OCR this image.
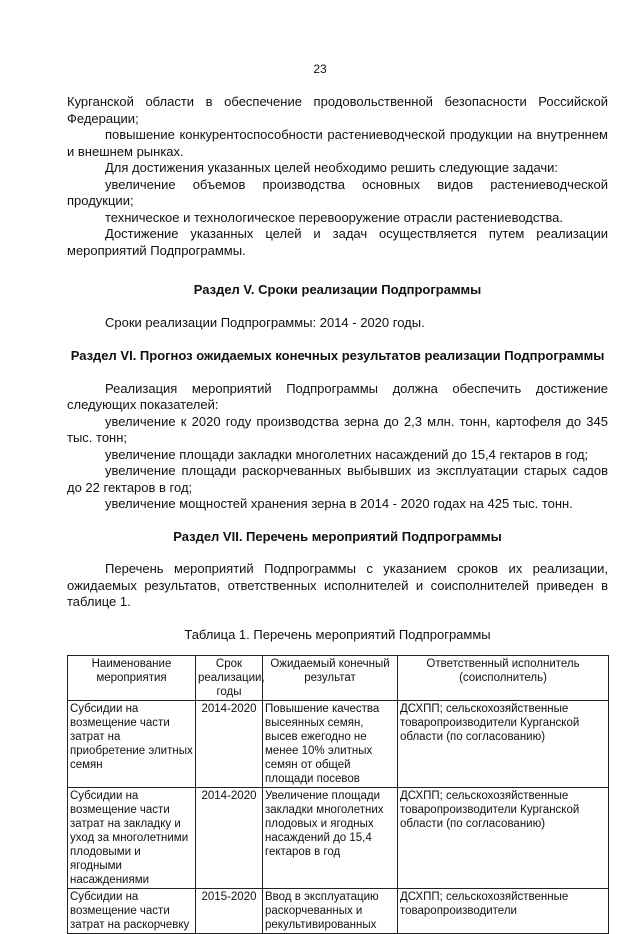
23

Курганской области в обеспечение продовольственной безопасности Российской Федерации;

повышение конкурентоспособности растениеводческой продукции на внутреннем и внешнем рынках.

Для достижения указанных целей необходимо решить следующие задачи:

увеличение объемов производства основных видов растениеводческой продукции;

техническое и технологическое перевооружение отрасли растениеводства.

Достижение указанных целей и задач осуществляется путем реализации мероприятий Подпрограммы.

Раздел V. Сроки реализации Подпрограммы

Сроки реализации Подпрограммы: 2014 - 2020 годы.

Раздел VI. Прогноз ожидаемых конечных результатов реализации Подпрограммы

Реализация мероприятий Подпрограммы должна обеспечить достижение следующих показателей:

увеличение к 2020 году производства зерна до 2,3 млн. тонн, картофеля до 345 тыс. тонн;

увеличение площади закладки многолетних насаждений до 15,4 гектаров в год;

увеличение площади раскорчеванных выбывших из эксплуатации старых садов до 22 гектаров в год;

увеличение мощностей хранения зерна в 2014 - 2020 годах на 425 тыс. тонн.

Раздел VII. Перечень мероприятий Подпрограммы

Перечень мероприятий Подпрограммы с указанием сроков их реализации, ожидаемых результатов, ответственных исполнителей и соисполнителей приведен в таблице 1.

Таблица 1. Перечень мероприятий Подпрограммы
Наименование мероприятия	Срок реализации, годы	Ожидаемый конечный результат	Ответственный исполнитель (соисполнитель)
Субсидии на возмещение части затрат на приобретение элитных семян	2014-2020	Повышение качества высеянных семян, высев ежегодно не менее 10% элитных семян от общей площади посевов	ДСХПП; сельскохозяйственные товаропроизводители Курганской области (по согласованию)
Субсидии на возмещение части затрат на закладку и уход за многолетними плодовыми и ягодными насаждениями	2014-2020	Увеличение площади закладки многолетних плодовых и ягодных насаждений до 15,4 гектаров в год	ДСХПП; сельскохозяйственные товаропроизводители Курганской области (по согласованию)
Субсидии на возмещение части затрат на раскорчевку	2015-2020	Ввод в эксплуатацию раскорчеванных и рекультивированных	ДСХПП; сельскохозяйственные товаропроизводители
